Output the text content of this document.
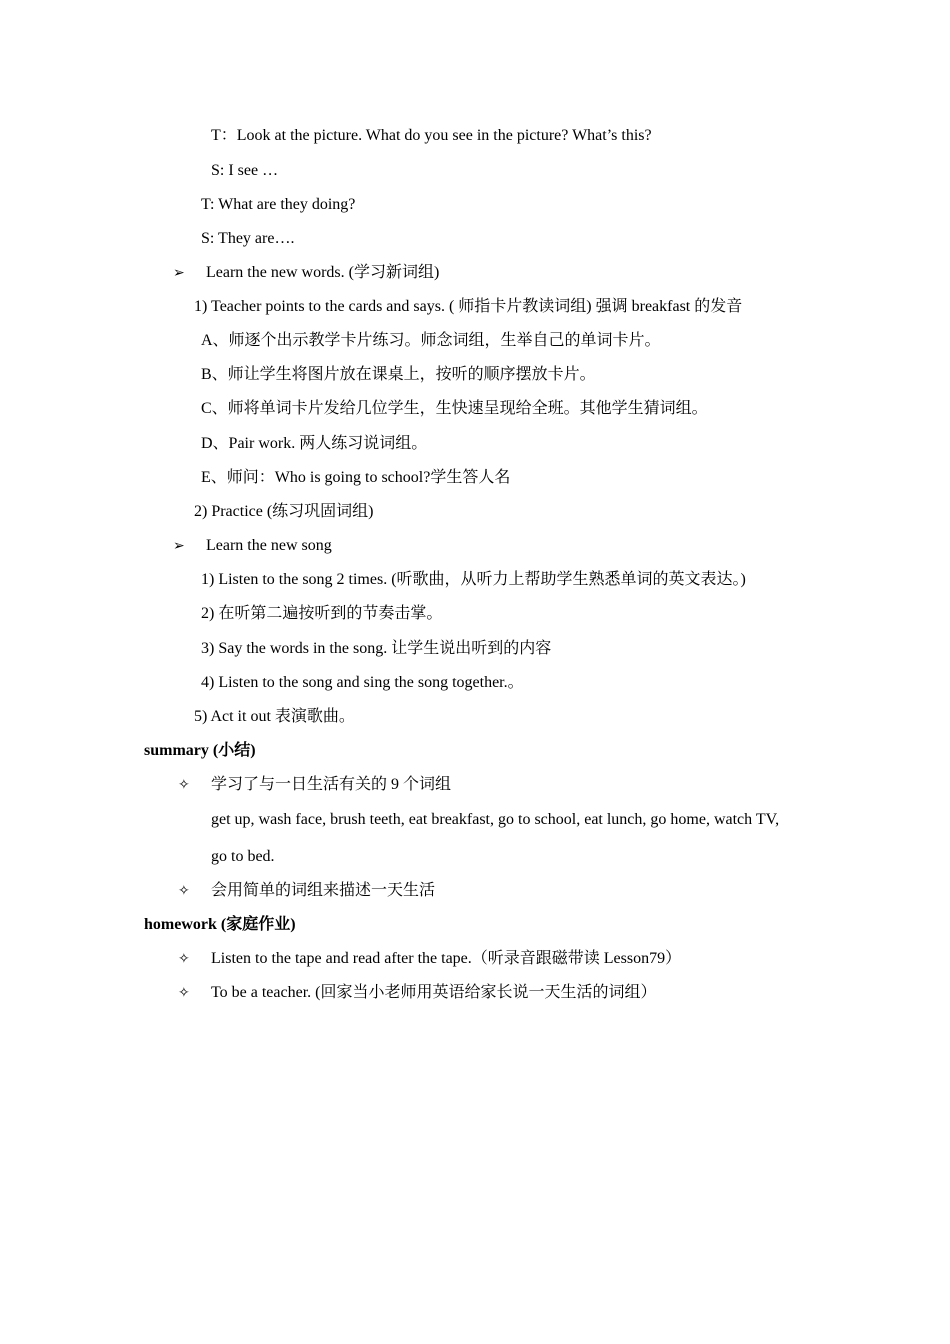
T：Look at the picture. What do you see in the picture? What’s this?
S: I see …
T: What are they doing?
S: They are….
➢ Learn the new words. (学习新词组)
1) Teacher points to the cards and says. ( 师指卡片教读词组) 强调 breakfast 的发音
A、师逐个出示教学卡片练习。师念词组，生举自己的单词卡片。
B、师让学生将图片放在课桌上，按听的顺序摆放卡片。
C、师将单词卡片发给几位学生，生快速呈现给全班。其他学生猜词组。
D、Pair work. 两人练习说词组。
E、师问：Who is going to school?学生答人名
2) Practice (练习巩固词组)
➢ Learn the new song
1) Listen to the song 2 times. (听歌曲，从听力上帮助学生熟悉单词的英文表达。)
2) 在听第二遍按听到的节奏击掌。
3) Say the words in the song. 让学生说出听到的内容
4) Listen to the song and sing the song together.。
5) Act it out 表演歌曲。
summary (小结)
✧ 学习了与一日生活有关的 9 个词组
get up, wash face, brush teeth, eat breakfast, go to school, eat lunch, go home, watch TV,
go to bed.
✧ 会用简单的词组来描述一天生活
homework (家庭作业)
✧ Listen to the tape and read after the tape.（听录音跟磁带读 Lesson79）
✧ To be a teacher. (回家当小老师用英语给家长说一天生活的词组）
